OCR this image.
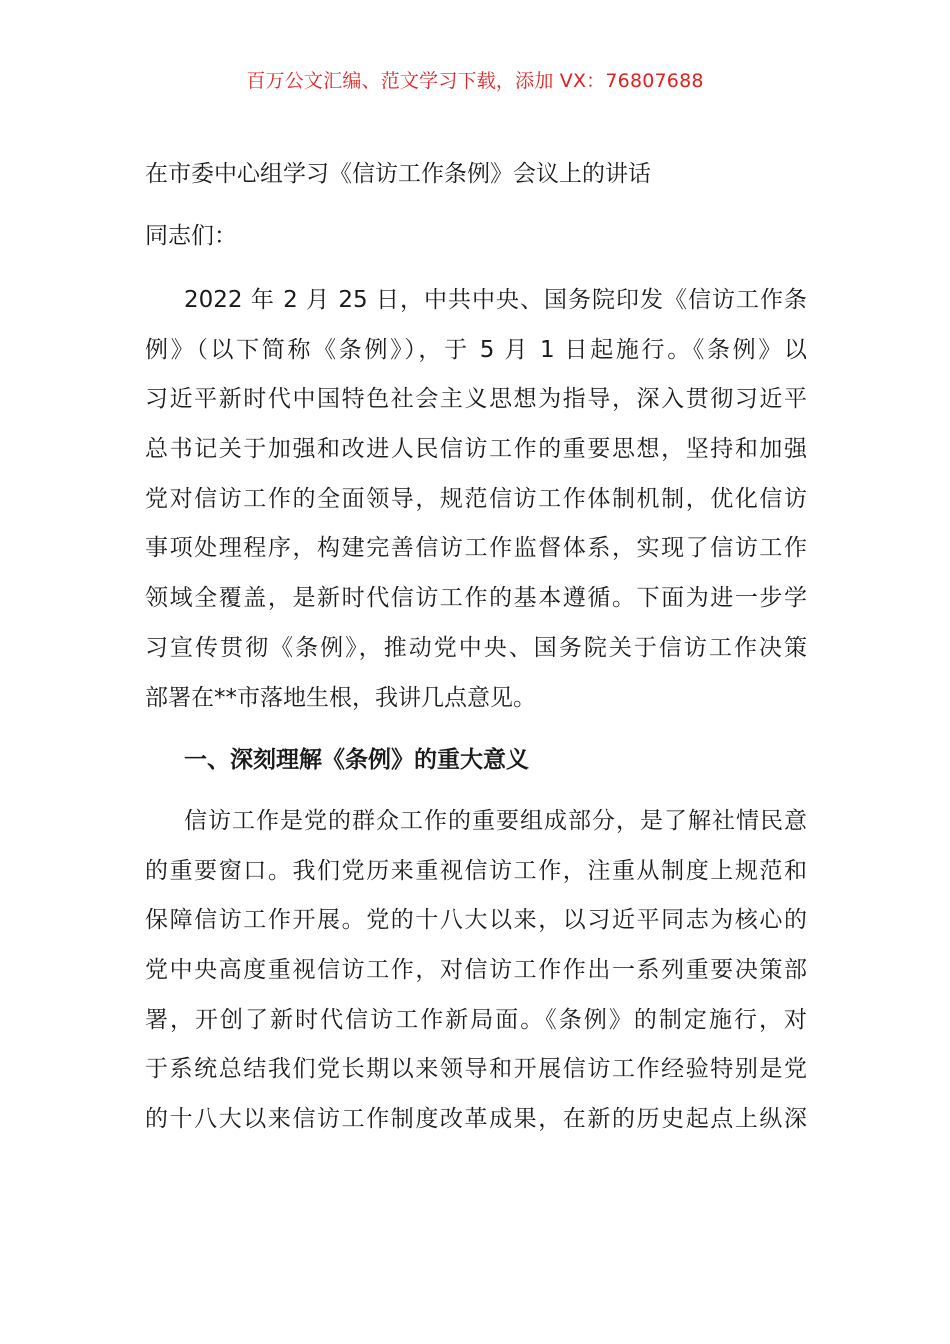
百万公文汇编、范文学习下载，添加 VX：76807688
在市委中心组学习《信访工作条例》会议上的讲话
同志们：
2022 年 2 月 25 日，中共中央、国务院印发《信访工作条
例》（以下简称《条例》），于 5 月 1 日起施行。《条例》以
习近平新时代中国特色社会主义思想为指导，深入贯彻习近平
总书记关于加强和改进人民信访工作的重要思想，坚持和加强
党对信访工作的全面领导，规范信访工作体制机制，优化信访
事项处理程序，构建完善信访工作监督体系，实现了信访工作
领域全覆盖，是新时代信访工作的基本遵循。下面为进一步学
习宣传贯彻《条例》，推动党中央、国务院关于信访工作决策
部署在**市落地生根，我讲几点意见。
一、深刻理解《条例》的重大意义
信访工作是党的群众工作的重要组成部分，是了解社情民意
的重要窗口。我们党历来重视信访工作，注重从制度上规范和
保障信访工作开展。党的十八大以来，以习近平同志为核心的
党中央高度重视信访工作，对信访工作作出一系列重要决策部
署，开创了新时代信访工作新局面。《条例》的制定施行，对
于系统总结我们党长期以来领导和开展信访工作经验特别是党
的十八大以来信访工作制度改革成果，在新的历史起点上纵深
